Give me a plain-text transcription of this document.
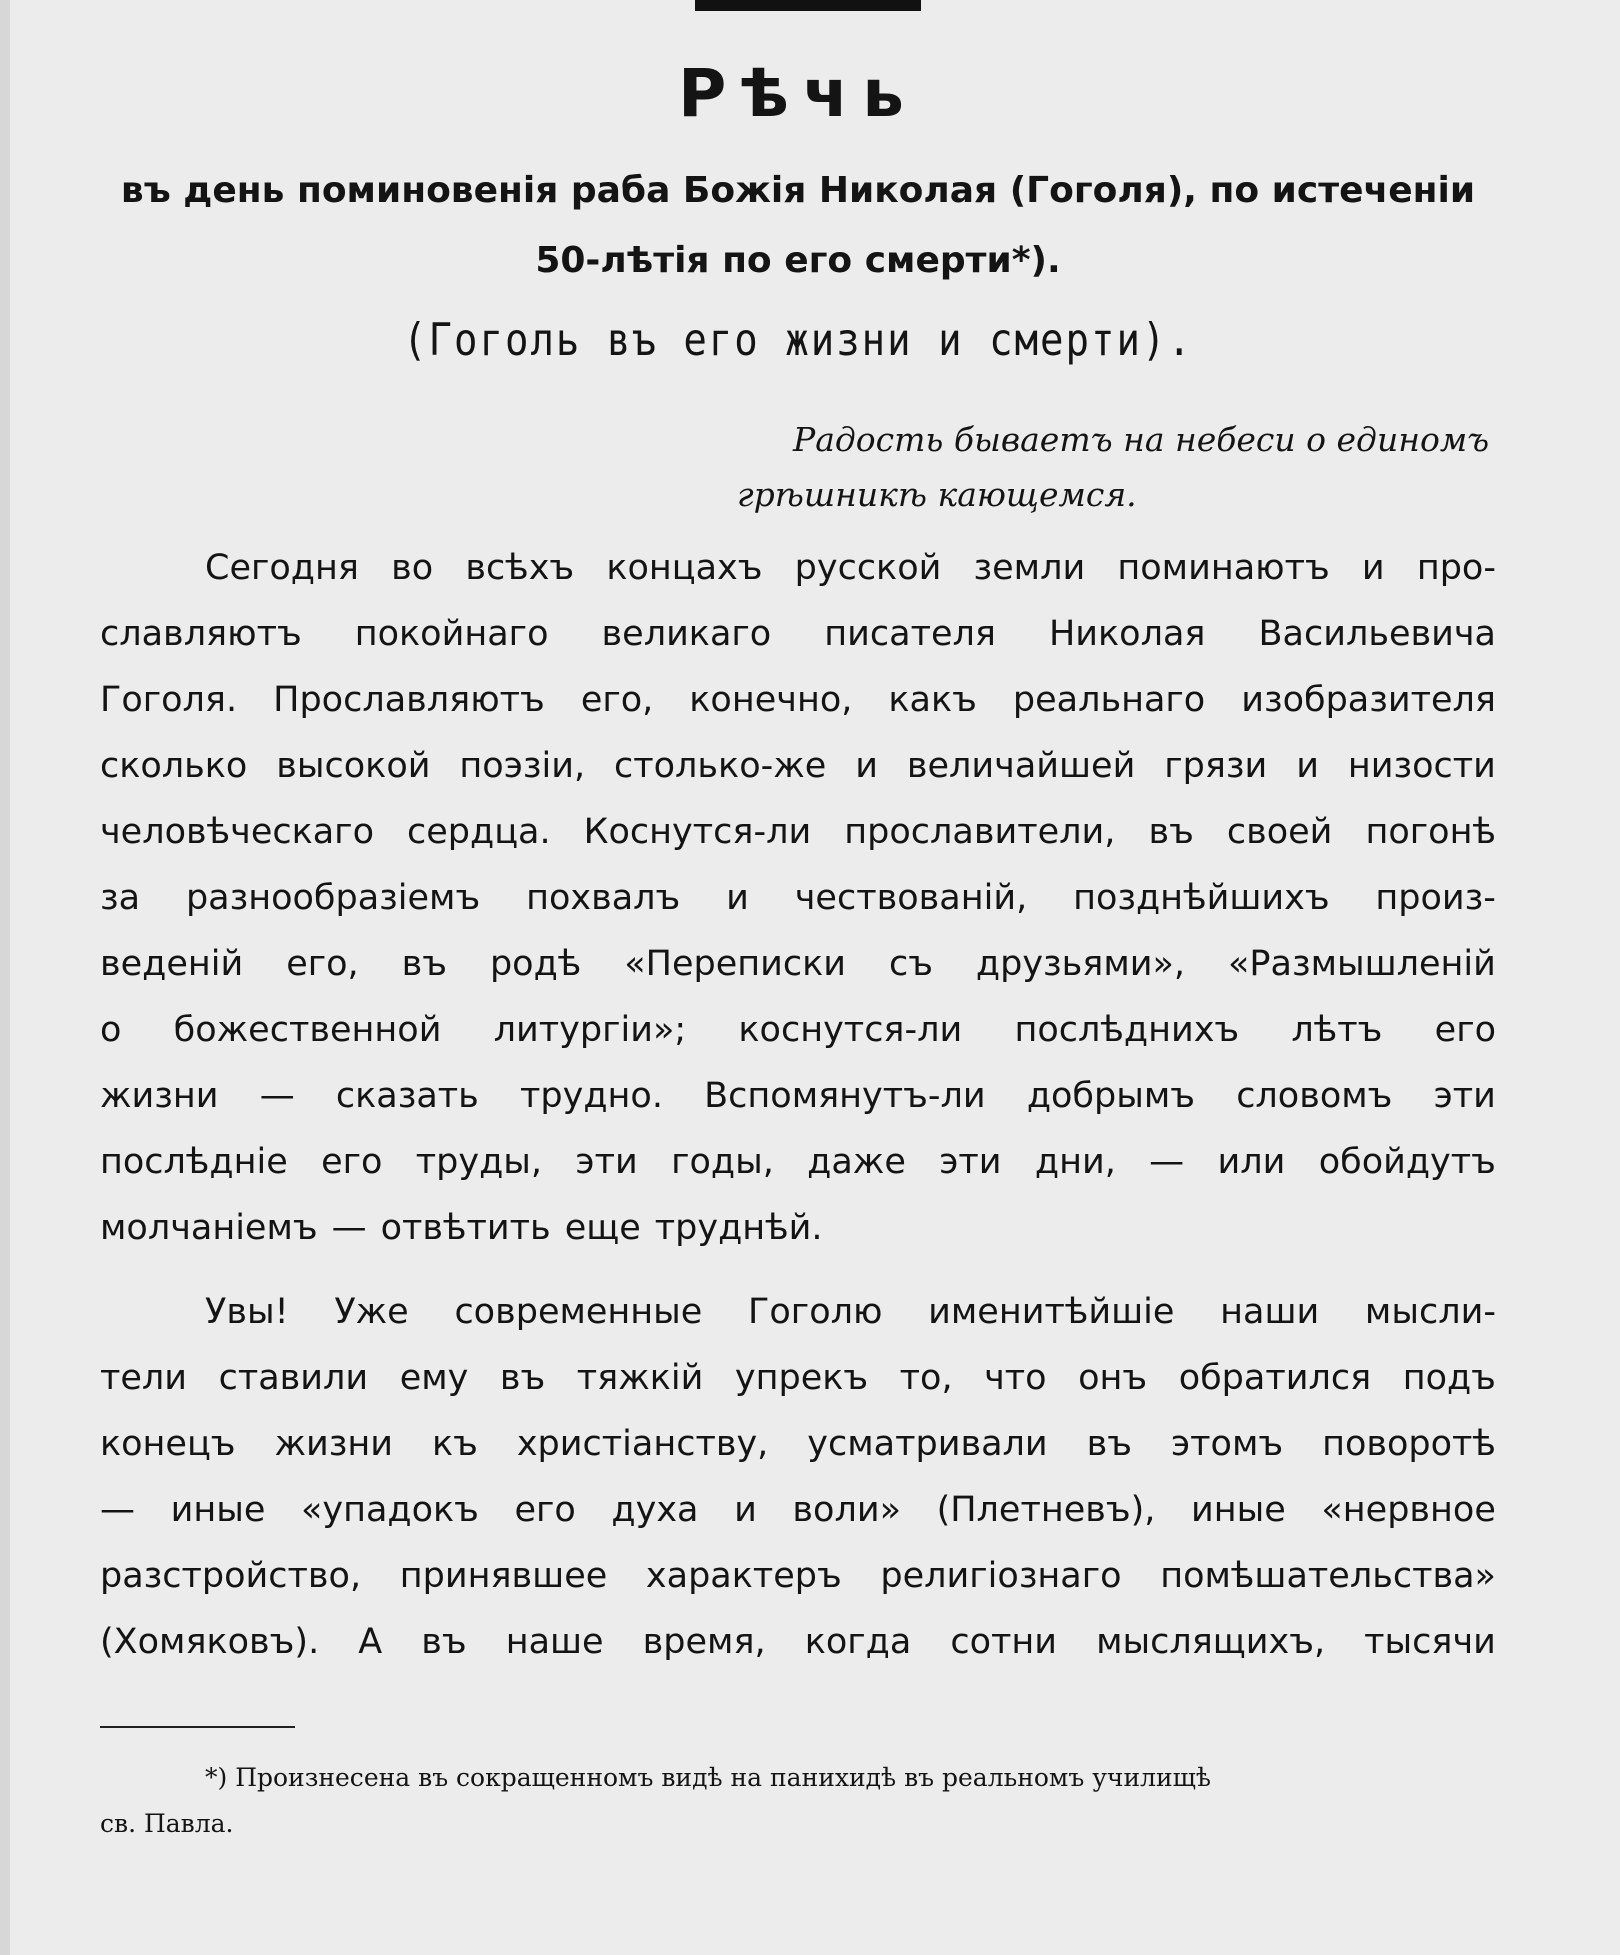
Рѣчь
въ день поминовенія раба Божія Николая (Гоголя), по истеченіи
50-лѣтія по его смерти*).
(Гоголь въ его жизни и смерти).
Радость бываетъ на небеси о единомъ
грѣшникѣ кающемся.
Сегодня во всѣхъ концахъ русской земли поминаютъ и про-
славляютъ покойнаго великаго писателя Николая Васильевича
Гоголя. Прославляютъ его, конечно, какъ реальнаго изобразителя
сколько высокой поэзіи, столько-же и величайшей грязи и низости
человѣческаго сердца. Коснутся-ли прославители, въ своей погонѣ
за разнообразіемъ похвалъ и чествованій, позднѣйшихъ произ-
веденій его, въ родѣ «Переписки съ друзьями», «Размышленій
о божественной литургіи»; коснутся-ли послѣднихъ лѣтъ его
жизни — сказать трудно. Вспомянутъ-ли добрымъ словомъ эти
послѣдніе его труды, эти годы, даже эти дни, — или обойдутъ
молчаніемъ — отвѣтить еще труднѣй.
Увы! Уже современные Гоголю именитѣйшіе наши мысли-
тели ставили ему въ тяжкій упрекъ то, что онъ обратился подъ
конецъ жизни къ христіанству, усматривали въ этомъ поворотѣ
— иные «упадокъ его духа и воли» (Плетневъ), иные «нервное
разстройство, принявшее характеръ религіознаго помѣшательства»
(Хомяковъ). А въ наше время, когда сотни мыслящихъ, тысячи
*) Произнесена въ сокращенномъ видѣ на панихидѣ въ реальномъ училищѣ
св. Павла.
